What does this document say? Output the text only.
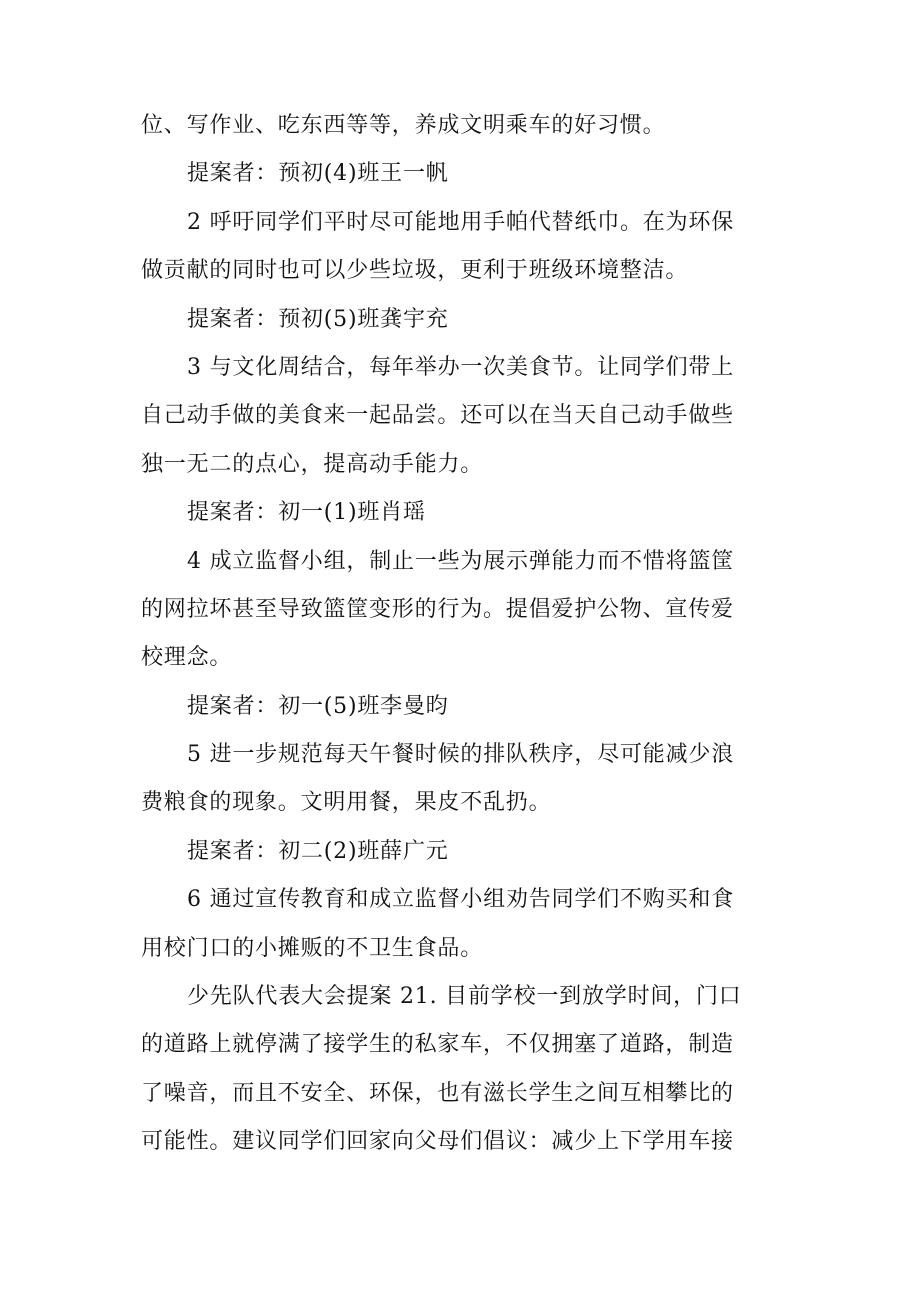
位、写作业、吃东西等等，养成文明乘车的好习惯。
提案者：预初(4)班王一帆
2 呼吁同学们平时尽可能地用手帕代替纸巾。在为环保
做贡献的同时也可以少些垃圾，更利于班级环境整洁。
提案者：预初(5)班龚宇充
3 与文化周结合，每年举办一次美食节。让同学们带上
自己动手做的美食来一起品尝。还可以在当天自己动手做些
独一无二的点心，提高动手能力。
提案者：初一(1)班肖瑶
4 成立监督小组，制止一些为展示弹能力而不惜将篮筐
的网拉坏甚至导致篮筐变形的行为。提倡爱护公物、宣传爱
校理念。
提案者：初一(5)班李曼昀
5 进一步规范每天午餐时候的排队秩序，尽可能减少浪
费粮食的现象。文明用餐，果皮不乱扔。
提案者：初二(2)班薛广元
6 通过宣传教育和成立监督小组劝告同学们不购买和食
用校门口的小摊贩的不卫生食品。
少先队代表大会提案 21. 目前学校一到放学时间，门口
的道路上就停满了接学生的私家车，不仅拥塞了道路，制造
了噪音，而且不安全、环保，也有滋长学生之间互相攀比的
可能性。建议同学们回家向父母们倡议：减少上下学用车接
